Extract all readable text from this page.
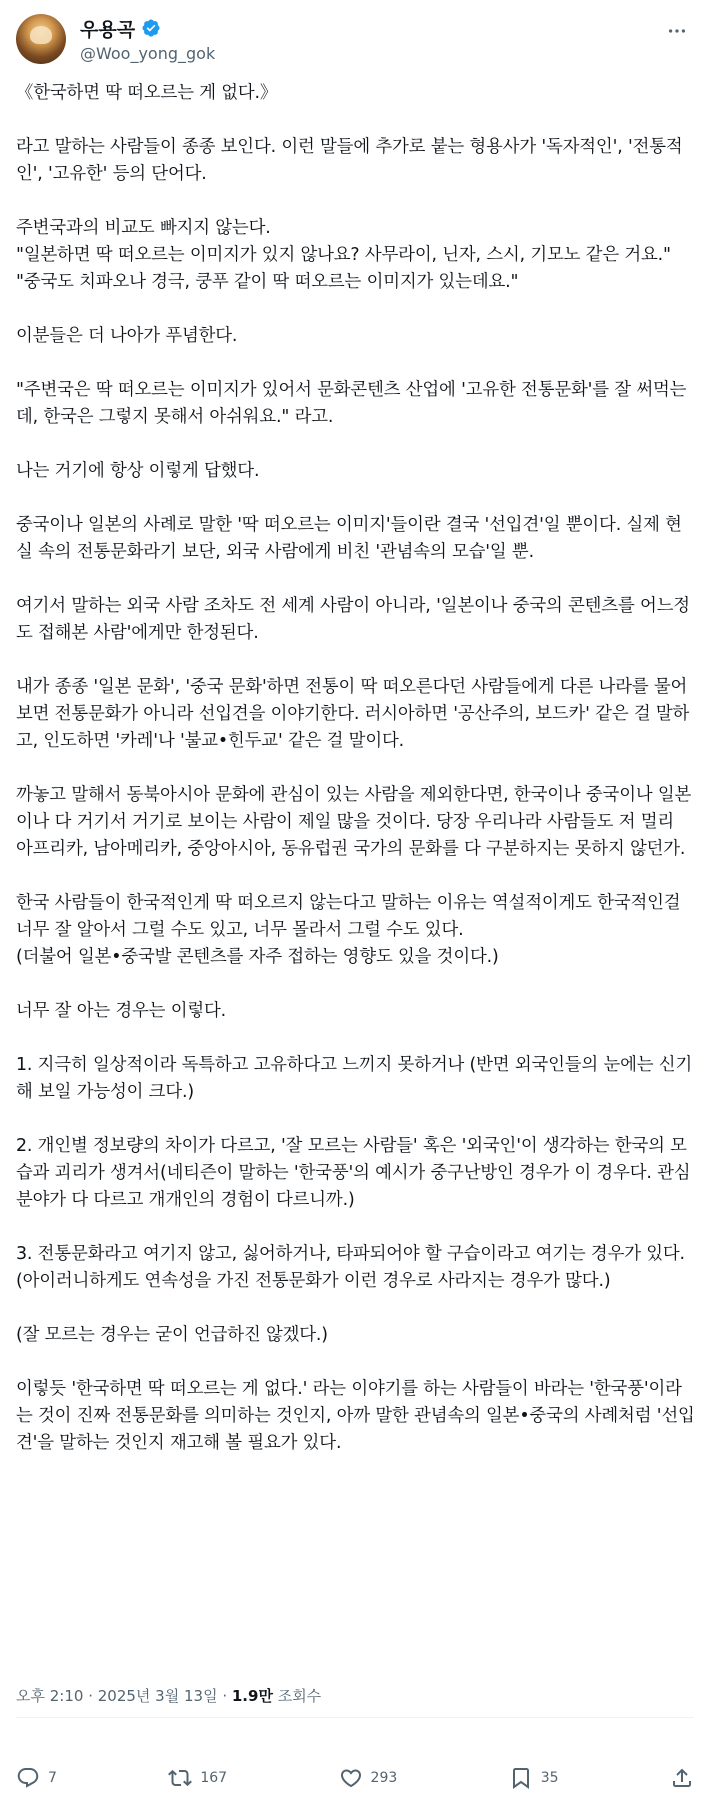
우용곡
@Woo_yong_gok

《한국하면 딱 떠오르는 게 없다.》

라고 말하는 사람들이 종종 보인다. 이런 말들에 추가로 붙는 형용사가 '독자적인', '전통적인', '고유한' 등의 단어다.

주변국과의 비교도 빠지지 않는다.
"일본하면 딱 떠오르는 이미지가 있지 않나요? 사무라이, 닌자, 스시, 기모노 같은 거요."
"중국도 치파오나 경극, 쿵푸 같이 딱 떠오르는 이미지가 있는데요."

이분들은 더 나아가 푸념한다.

"주변국은 딱 떠오르는 이미지가 있어서 문화콘텐츠 산업에 '고유한 전통문화'를 잘 써먹는데, 한국은 그렇지 못해서 아쉬워요." 라고.

나는 거기에 항상 이렇게 답했다.

중국이나 일본의 사례로 말한 '딱 떠오르는 이미지'들이란 결국 '선입견'일 뿐이다. 실제 현실 속의 전통문화라기 보단, 외국 사람에게 비친 '관념속의 모습'일 뿐.

여기서 말하는 외국 사람 조차도 전 세계 사람이 아니라, '일본이나 중국의 콘텐츠를 어느정도 접해본 사람'에게만 한정된다.

내가 종종 '일본 문화', '중국 문화'하면 전통이 딱 떠오른다던 사람들에게 다른 나라를 물어보면 전통문화가 아니라 선입견을 이야기한다. 러시아하면 '공산주의, 보드카' 같은 걸 말하고, 인도하면 '카레'나 '불교•힌두교' 같은 걸 말이다.

까놓고 말해서 동북아시아 문화에 관심이 있는 사람을 제외한다면, 한국이나 중국이나 일본이나 다 거기서 거기로 보이는 사람이 제일 많을 것이다. 당장 우리나라 사람들도 저 멀리 아프리카, 남아메리카, 중앙아시아, 동유럽권 국가의 문화를 다 구분하지는 못하지 않던가.

한국 사람들이 한국적인게 딱 떠오르지 않는다고 말하는 이유는 역설적이게도 한국적인걸 너무 잘 알아서 그럴 수도 있고, 너무 몰라서 그럴 수도 있다.
(더불어 일본•중국발 콘텐츠를 자주 접하는 영향도 있을 것이다.)

너무 잘 아는 경우는 이렇다.

1. 지극히 일상적이라 독특하고 고유하다고 느끼지 못하거나 (반면 외국인들의 눈에는 신기해 보일 가능성이 크다.)

2. 개인별 정보량의 차이가 다르고, '잘 모르는 사람들' 혹은 '외국인'이 생각하는 한국의 모습과 괴리가 생겨서(네티즌이 말하는 '한국풍'의 예시가 중구난방인 경우가 이 경우다. 관심분야가 다 다르고 개개인의 경험이 다르니까.)

3. 전통문화라고 여기지 않고, 싫어하거나, 타파되어야 할 구습이라고 여기는 경우가 있다.(아이러니하게도 연속성을 가진 전통문화가 이런 경우로 사라지는 경우가 많다.)

(잘 모르는 경우는 굳이 언급하진 않겠다.)

이렇듯 '한국하면 딱 떠오르는 게 없다.' 라는 이야기를 하는 사람들이 바라는 '한국풍'이라는 것이 진짜 전통문화를 의미하는 것인지, 아까 말한 관념속의 일본•중국의 사례처럼 '선입견'을 말하는 것인지 재고해 볼 필요가 있다.

오후 2:10 · 2025년 3월 13일 · 1.9만 조회수
7	167	293	35
